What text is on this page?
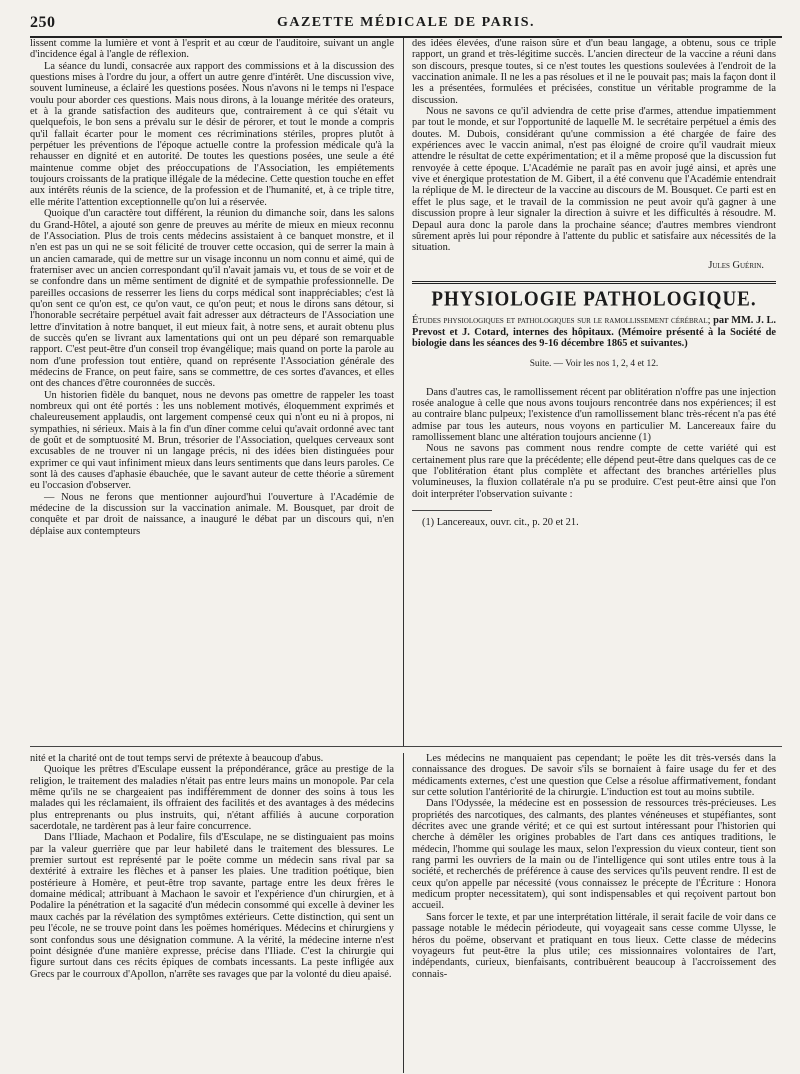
250	GAZETTE MÉDICALE DE PARIS.

lissent comme la lumière et vont à l'esprit et au cœur de l'auditoire, suivant un angle d'incidence égal à l'angle de réflexion.

La séance du lundi, consacrée aux rapport des commissions et à la discussion des questions mises à l'ordre du jour, a offert un autre genre d'intérêt. Une discussion vive, souvent lumineuse, a éclairé les questions posées. Nous n'avons ni le temps ni l'espace voulu pour aborder ces questions. Mais nous dirons, à la louange méritée des orateurs, et à la grande satisfaction des auditeurs que, contrairement à ce qui s'était vu quelquefois, le bon sens a prévalu sur le désir de pérorer, et tout le monde a compris qu'il fallait écarter pour le moment ces récriminations stériles, propres plutôt à perpétuer les préventions de l'époque actuelle contre la profession médicale qu'à la rehausser en dignité et en autorité. De toutes les questions posées, une seule a été maintenue comme objet des préoccupations de l'Association, les empiétements toujours croissants de la pratique illégale de la médecine. Cette question touche en effet aux intérêts réunis de la science, de la profession et de l'humanité, et, à ce triple titre, elle mérite l'attention exceptionnelle qu'on lui a réservée.

Quoique d'un caractère tout différent, la réunion du dimanche soir, dans les salons du Grand-Hôtel, a ajouté son genre de preuves au mérite de mieux en mieux reconnu de l'Association. Plus de trois cents médecins assistaient à ce banquet monstre, et il n'en est pas un qui ne se soit félicité de trouver cette occasion, qui de serrer la main à un ancien camarade, qui de mettre sur un visage inconnu un nom connu et aimé, qui de fraterniser avec un ancien correspondant qu'il n'avait jamais vu, et tous de se voir et de se confondre dans un même sentiment de dignité et de sympathie professionnelle. De pareilles occasions de resserrer les liens du corps médical sont inappréciables; c'est là qu'on sent ce qu'on est, ce qu'on vaut, ce qu'on peut; et nous le dirons sans détour, si l'honorable secrétaire perpétuel avait fait adresser aux détracteurs de l'Association une lettre d'invitation à notre banquet, il eut mieux fait, à notre sens, et aurait obtenu plus de succès qu'en se livrant aux lamentations qui ont un peu déparé son remarquable rapport. C'est peut-être d'un conseil trop évangélique; mais quand on porte la parole au nom d'une profession tout entière, quand on représente l'Association générale des médecins de France, on peut faire, sans se commettre, de ces sortes d'avances, et elles ont des chances d'être couronnées de succès.

Un historien fidèle du banquet, nous ne devons pas omettre de rappeler les toast nombreux qui ont été portés : les uns noblement motivés, éloquemment exprimés et chaleureusement applaudis, ont largement compensé ceux qui n'ont eu ni à propos, ni sympathies, ni sérieux. Mais à la fin d'un dîner comme celui qu'avait ordonné avec tant de goût et de somptuosité M. Brun, trésorier de l'Association, quelques cerveaux sont excusables de ne trouver ni un langage précis, ni des idées bien distinguées pour exprimer ce qui vaut infiniment mieux dans leurs sentiments que dans leurs paroles. Ce sont là des causes d'aphasie ébauchée, que le savant auteur de cette théorie a sûrement eu l'occasion d'observer.

— Nous ne ferons que mentionner aujourd'hui l'ouverture à l'Académie de médecine de la discussion sur la vaccination animale. M. Bousquet, par droit de conquête et par droit de naissance, a inauguré le débat par un discours qui, n'en déplaise aux contempteurs

des idées élevées, d'une raison sûre et d'un beau langage, a obtenu, sous ce triple rapport, un grand et très-légitime succès. L'ancien directeur de la vaccine a réuni dans son discours, presque toutes, si ce n'est toutes les questions soulevées à l'endroit de la vaccination animale. Il ne les a pas résolues et il ne le pouvait pas; mais la façon dont il les a présentées, formulées et précisées, constitue un véritable programme de la discussion.

Nous ne savons ce qu'il adviendra de cette prise d'armes, attendue impatiemment par tout le monde, et sur l'opportunité de laquelle M. le secrétaire perpétuel a émis des doutes. M. Dubois, considérant qu'une commission a été chargée de faire des expériences avec le vaccin animal, n'est pas éloigné de croire qu'il vaudrait mieux attendre le résultat de cette expérimentation; et il a même proposé que la discussion fut renvoyée à cette époque. L'Académie ne paraît pas en avoir jugé ainsi, et après une vive et énergique protestation de M. Gibert, il a été convenu que l'Académie entendrait la réplique de M. le directeur de la vaccine au discours de M. Bousquet. Ce parti est en effet le plus sage, et le travail de la commission ne peut avoir qu'à gagner à une discussion propre à leur signaler la direction à suivre et les difficultés à résoudre. M. Depaul aura donc la parole dans la prochaine séance; d'autres membres viendront sûrement après lui pour répondre à l'attente du public et satisfaire aux nécessités de la situation.

Jules Guérin.

PHYSIOLOGIE PATHOLOGIQUE.

Études physiologiques et pathologiques sur le ramollissement cérébral; par MM. J. L. Prevost et J. Cotard, internes des hôpitaux. (Mémoire présenté à la Société de biologie dans les séances des 9-16 décembre 1865 et suivantes.)

Suite. — Voir les nos 1, 2, 4 et 12.

Dans d'autres cas, le ramollissement récent par oblitération n'offre pas une injection rosée analogue à celle que nous avons toujours rencontrée dans nos expériences; il est au contraire blanc pulpeux; l'existence d'un ramollissement blanc très-récent n'a pas été admise par tous les auteurs, nous voyons en particulier M. Lancereaux faire du ramollissement blanc une altération toujours ancienne (1)

Nous ne savons pas comment nous rendre compte de cette variété qui est certainement plus rare que la précédente; elle dépend peut-être dans quelques cas de ce que l'oblitération étant plus complète et affectant des branches artérielles plus volumineuses, la fluxion collatérale n'a pu se produire. C'est peut-être ainsi que l'on doit interpréter l'observation suivante :

(1) Lancereaux, ouvr. cit., p. 20 et 21.

nité et la charité ont de tout temps servi de prétexte à beaucoup d'abus.

Quoique les prêtres d'Esculape eussent la prépondérance, grâce au prestige de la religion, le traitement des maladies n'était pas entre leurs mains un monopole. Par cela même qu'ils ne se chargeaient pas indifféremment de donner des soins à tous les malades qui les réclamaient, ils offraient des facilités et des avantages à des médecins plus entreprenants ou plus instruits, qui, n'étant affiliés à aucune corporation sacerdotale, ne tardèrent pas à leur faire concurrence.

Dans l'Iliade, Machaon et Podalire, fils d'Esculape, ne se distinguaient pas moins par la valeur guerrière que par leur habileté dans le traitement des blessures. Le premier surtout est représenté par le poëte comme un médecin sans rival par sa dextérité à extraire les flèches et à panser les plaies. Une tradition poétique, bien postérieure à Homère, et peut-être trop savante, partage entre les deux frères le domaine médical; attribuant à Machaon le savoir et l'expérience d'un chirurgien, et à Podalire la pénétration et la sagacité d'un médecin consommé qui excelle à deviner les maux cachés par la révélation des symptômes extérieurs. Cette distinction, qui sent un peu l'école, ne se trouve point dans les poëmes homériques. Médecins et chirurgiens y sont confondus sous une désignation commune. A la vérité, la médecine interne n'est point désignée d'une manière expresse, précise dans l'Iliade. C'est la chirurgie qui figure surtout dans ces récits épiques de combats incessants. La peste infligée aux Grecs par le courroux d'Apollon, n'arrête ses ravages que par la volonté du dieu apaisé.

Les médecins ne manquaient pas cependant; le poëte les dit très-versés dans la connaissance des drogues. De savoir s'ils se bornaient à faire usage du fer et des médicaments externes, c'est une question que Celse a résolue affirmativement, fondant sur cette solution l'antériorité de la chirurgie. L'induction est tout au moins subtile.

Dans l'Odyssée, la médecine est en possession de ressources très-précieuses. Les propriétés des narcotiques, des calmants, des plantes vénéneuses et stupéfiantes, sont décrites avec une grande vérité; et ce qui est surtout intéressant pour l'historien qui cherche à démêler les origines probables de l'art dans ces antiques traditions, le médecin, l'homme qui soulage les maux, selon l'expression du vieux conteur, tient son rang parmi les ouvriers de la main ou de l'intelligence qui sont utiles entre tous à la société, et recherchés de préférence à cause des services qu'ils peuvent rendre. Il est de ceux qu'on appelle par nécessité (vous connaissez le précepte de l'Écriture : Honora medicum propter necessitatem), qui sont indispensables et qui reçoivent partout bon accueil.

Sans forcer le texte, et par une interprétation littérale, il serait facile de voir dans ce passage notable le médecin périodeute, qui voyageait sans cesse comme Ulysse, le héros du poëme, observant et pratiquant en tous lieux. Cette classe de médecins voyageurs fut peut-être la plus utile; ces missionnaires volontaires de l'art, indépendants, curieux, bienfaisants, contribuèrent beaucoup à l'accroissement des connais-
